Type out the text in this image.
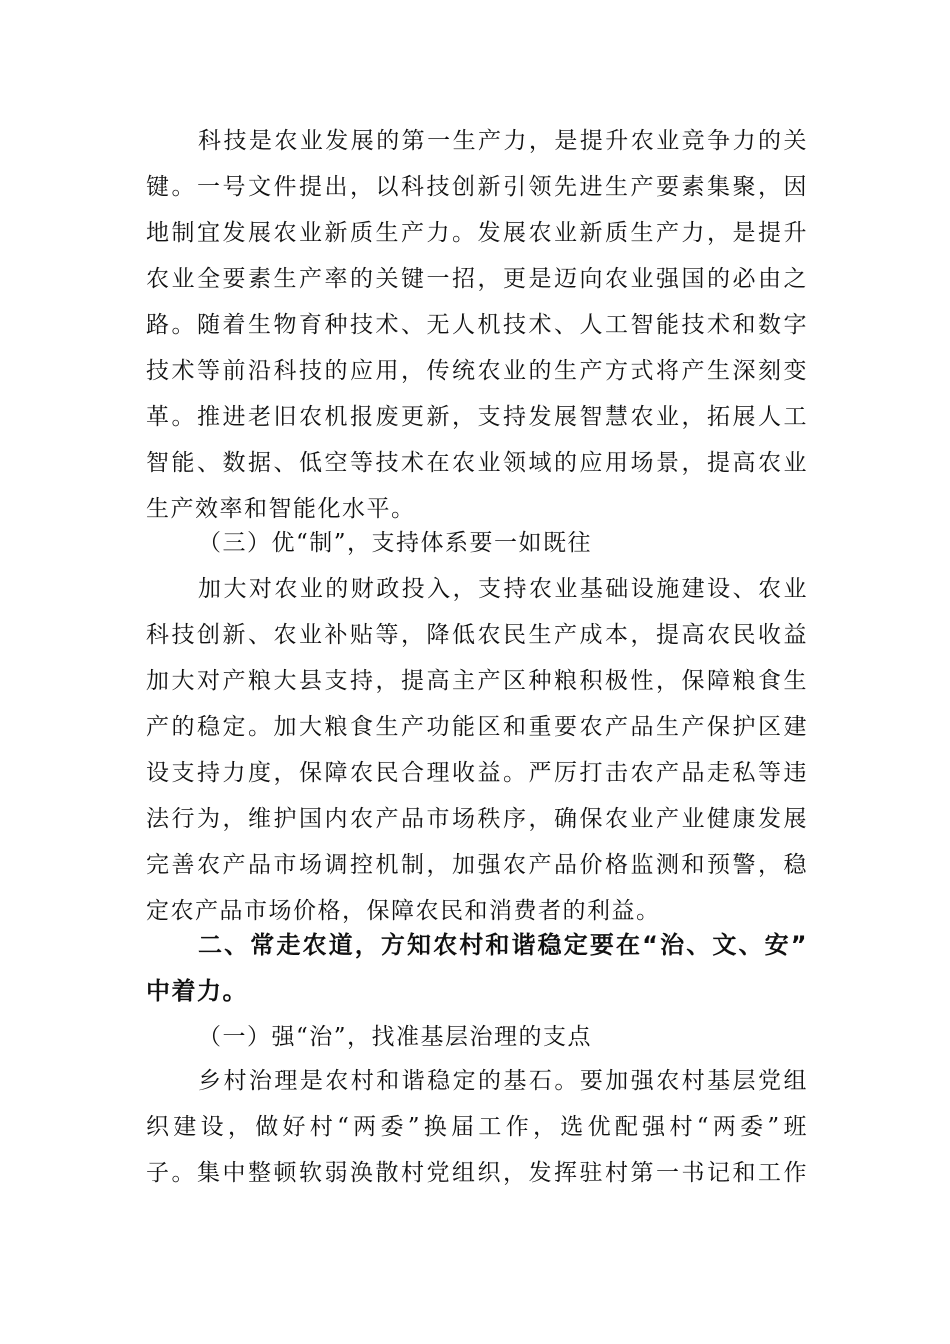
科技是农业发展的第一生产力，是提升农业竞争力的关
键。一号文件提出，以科技创新引领先进生产要素集聚，因
地制宜发展农业新质生产力。发展农业新质生产力，是提升
农业全要素生产率的关键一招，更是迈向农业强国的必由之
路。随着生物育种技术、无人机技术、人工智能技术和数字
技术等前沿科技的应用，传统农业的生产方式将产生深刻变
革。推进老旧农机报废更新，支持发展智慧农业，拓展人工
智能、数据、低空等技术在农业领域的应用场景，提高农业
生产效率和智能化水平。
（三）优“制”，支持体系要一如既往
加大对农业的财政投入，支持农业基础设施建设、农业
科技创新、农业补贴等，降低农民生产成本，提高农民收益
加大对产粮大县支持，提高主产区种粮积极性，保障粮食生
产的稳定。加大粮食生产功能区和重要农产品生产保护区建
设支持力度，保障农民合理收益。严厉打击农产品走私等违
法行为，维护国内农产品市场秩序，确保农业产业健康发展
完善农产品市场调控机制，加强农产品价格监测和预警，稳
定农产品市场价格，保障农民和消费者的利益。
二、常走农道，方知农村和谐稳定要在“治、文、安”
中着力。
（一）强“治”，找准基层治理的支点
乡村治理是农村和谐稳定的基石。要加强农村基层党组
织建设，做好村“两委”换届工作，选优配强村“两委”班
子。集中整顿软弱涣散村党组织，发挥驻村第一书记和工作
